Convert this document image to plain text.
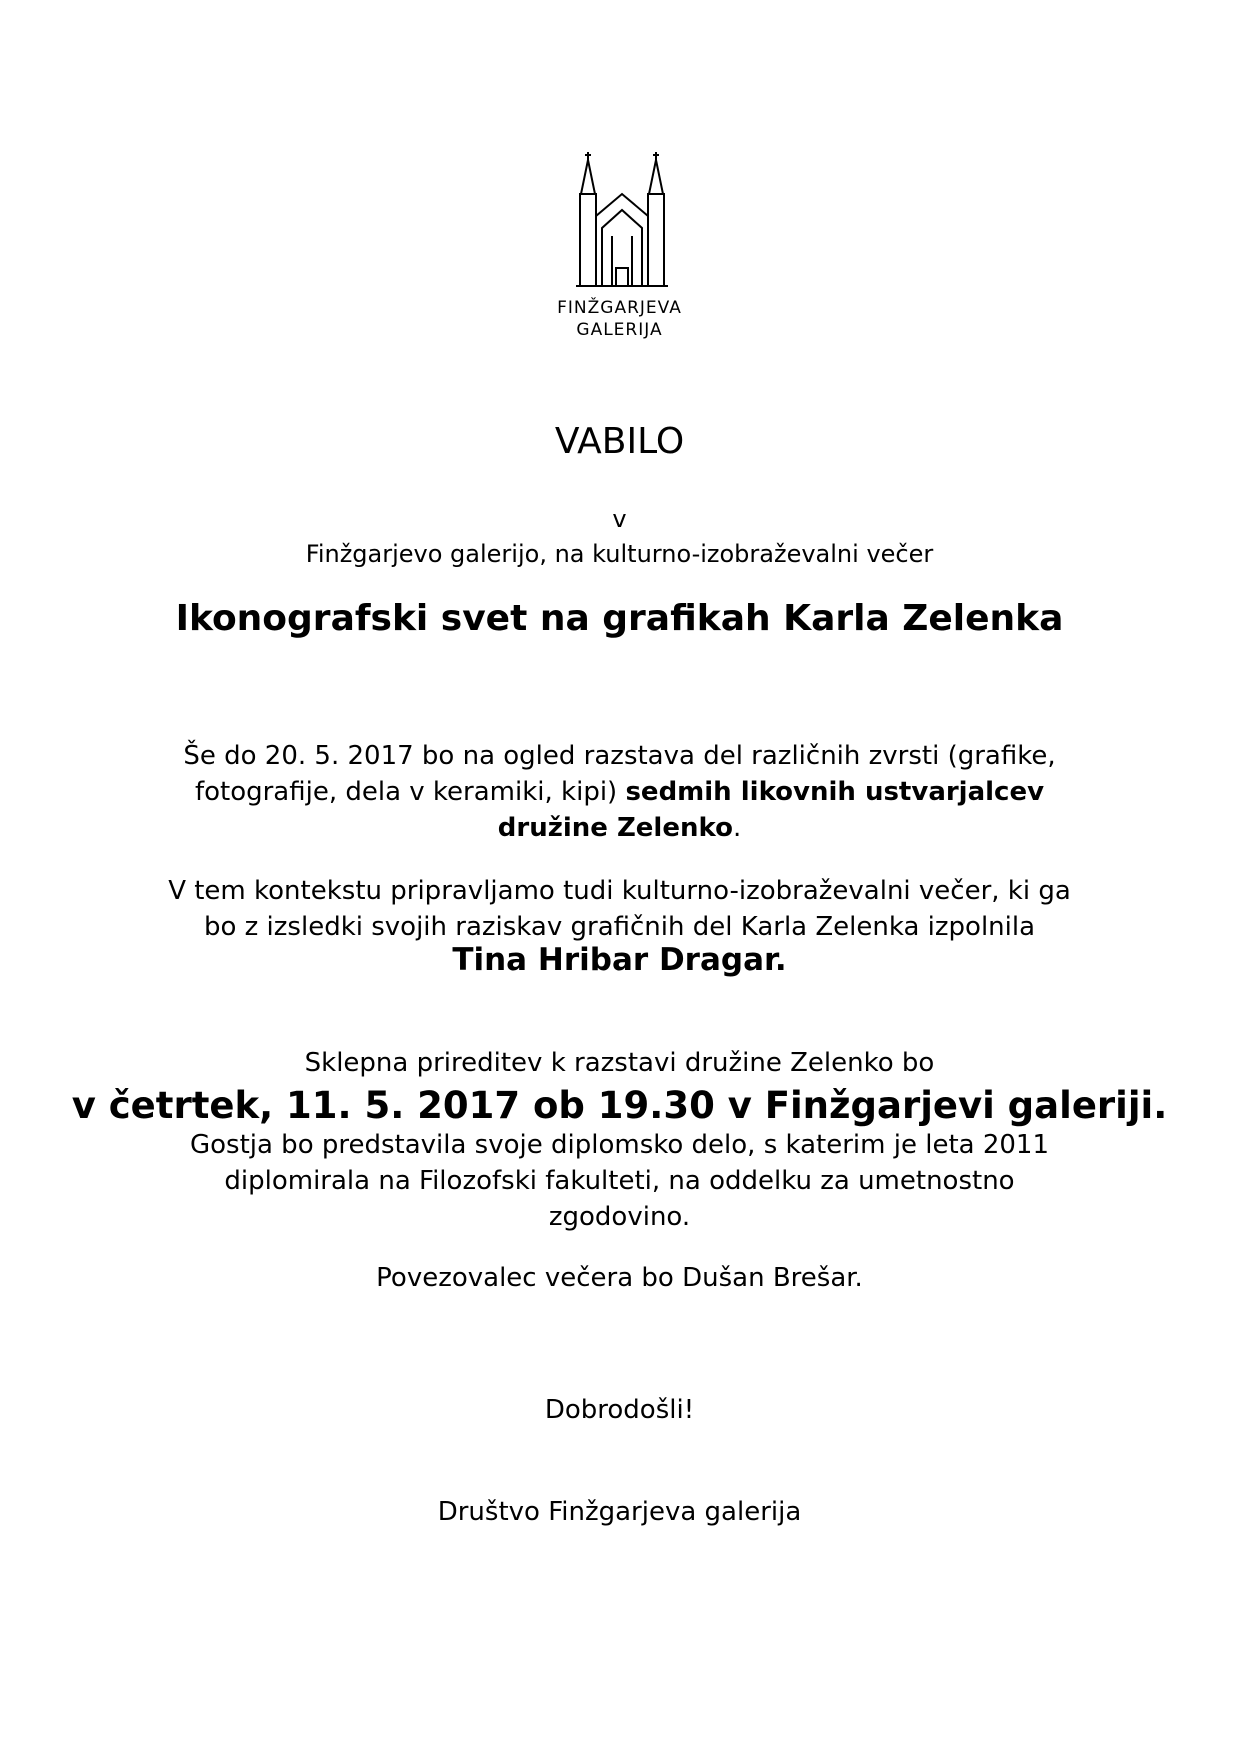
FINŽGARJEVA
GALERIJA
VABILO
v
Finžgarjevo galerijo, na kulturno-izobraževalni večer
Ikonografski svet na grafikah Karla Zelenka
Še do 20. 5. 2017 bo na ogled razstava del različnih zvrsti (grafike,
fotografije, dela v keramiki, kipi) sedmih likovnih ustvarjalcev
družine Zelenko.
V tem kontekstu pripravljamo tudi kulturno-izobraževalni večer, ki ga
bo z izsledki svojih raziskav grafičnih del Karla Zelenka izpolnila
Tina Hribar Dragar.
Sklepna prireditev k razstavi družine Zelenko bo
v četrtek, 11. 5. 2017 ob 19.30 v Finžgarjevi galeriji.
Gostja bo predstavila svoje diplomsko delo, s katerim je leta 2011
diplomirala na Filozofski fakulteti, na oddelku za umetnostno
zgodovino.
Povezovalec večera bo Dušan Brešar.
Dobrodošli!
Društvo Finžgarjeva galerija
